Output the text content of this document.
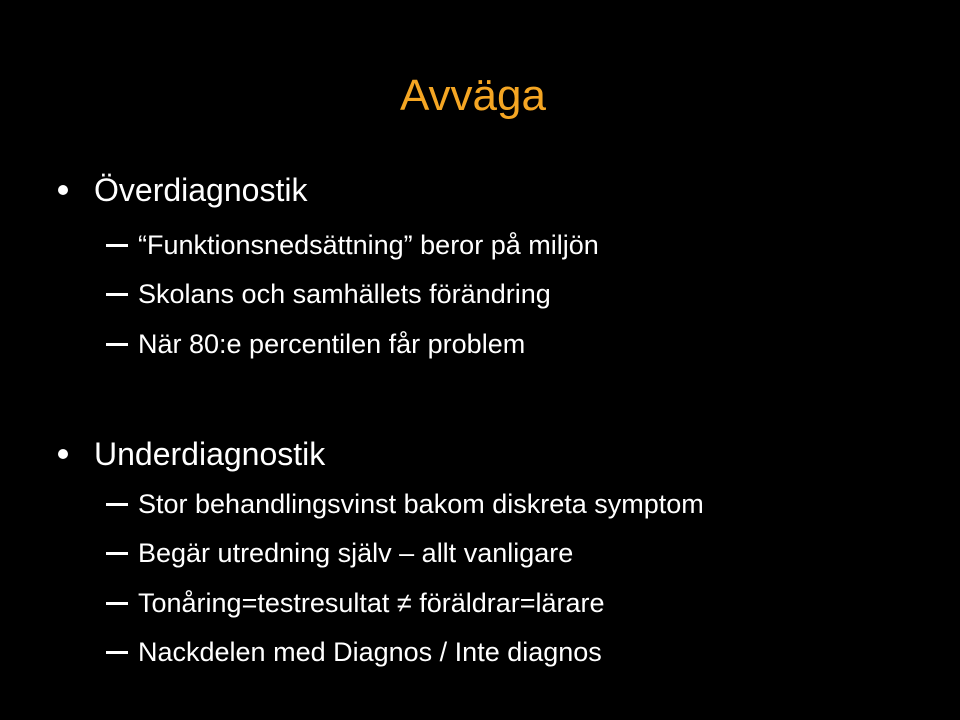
Avväga
Överdiagnostik
“Funktionsnedsättning” beror på miljön
Skolans och samhällets förändring
När 80:e percentilen får problem
Underdiagnostik
Stor behandlingsvinst bakom diskreta symptom
Begär utredning själv – allt vanligare
Tonåring=testresultat ≠ föräldrar=lärare
Nackdelen med Diagnos / Inte diagnos
